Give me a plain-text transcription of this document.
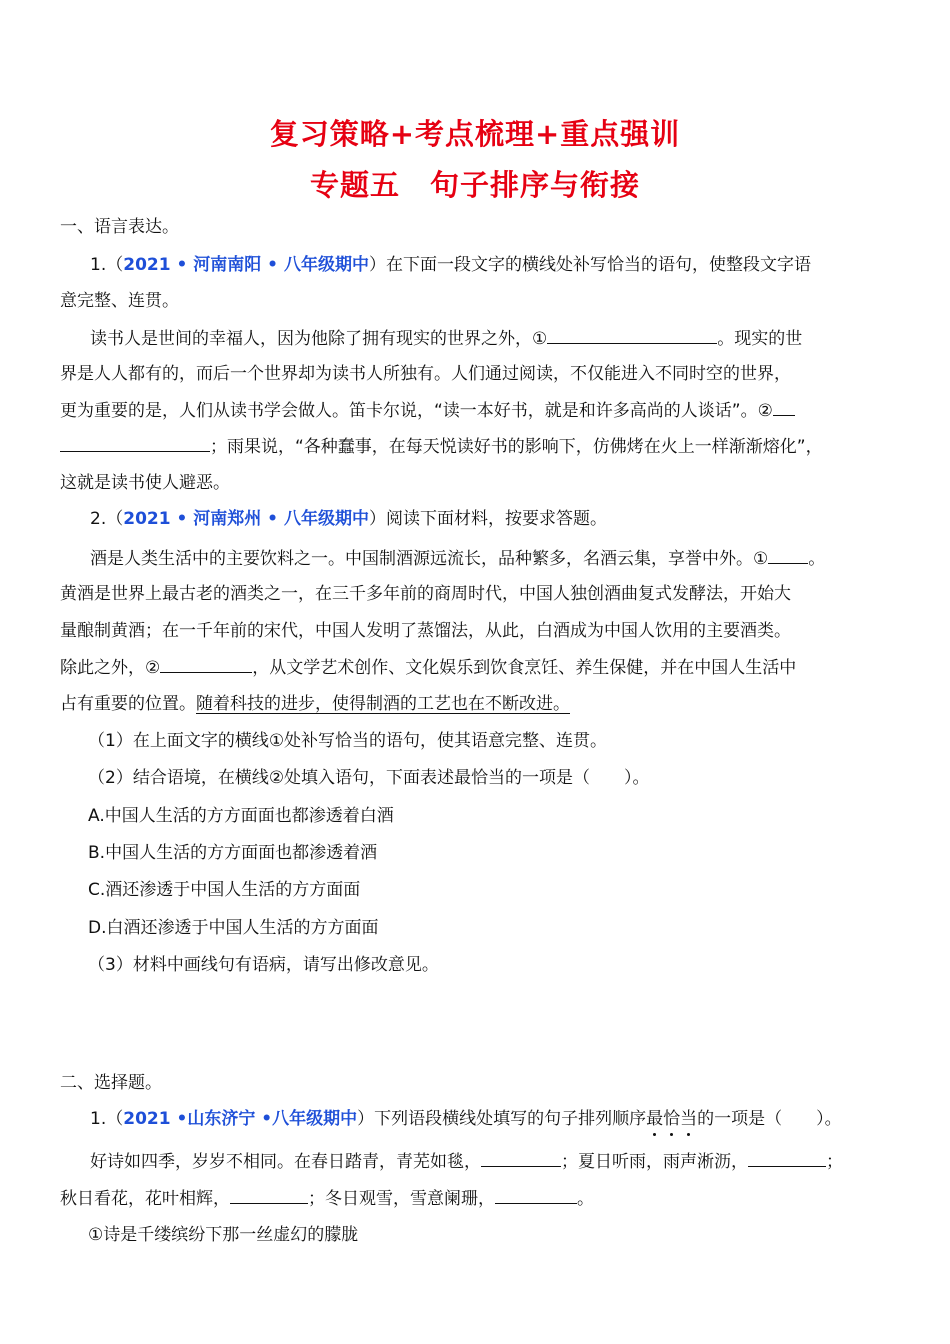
复习策略+考点梳理+重点强训
专题五　句子排序与衔接
一、语言表达。
1.（2021 • 河南南阳 • 八年级期中）在下面一段文字的横线处补写恰当的语句，使整段文字语
意完整、连贯。
读书人是世间的幸福人，因为他除了拥有现实的世界之外，①	。现实的世
界是人人都有的，而后一个世界却为读书人所独有。人们通过阅读，不仅能进入不同时空的世界，
更为重要的是，人们从读书学会做人。笛卡尔说，“读一本好书，就是和许多高尚的人谈话”。②
；雨果说，“各种蠢事，在每天悦读好书的影响下，仿佛烤在火上一样渐渐熔化”，
这就是读书使人避恶。
2.（2021 • 河南郑州 • 八年级期中）阅读下面材料，按要求答题。
酒是人类生活中的主要饮料之一。中国制酒源远流长，品种繁多，名酒云集，享誉中外。① 。
黄酒是世界上最古老的酒类之一，在三千多年前的商周时代，中国人独创酒曲复式发酵法，开始大
量酿制黄酒；在一千年前的宋代，中国人发明了蒸馏法，从此，白酒成为中国人饮用的主要酒类。
除此之外，②	，从文学艺术创作、文化娱乐到饮食烹饪、养生保健，并在中国人生活中
占有重要的位置。随着科技的进步，使得制酒的工艺也在不断改进。
（1）在上面文字的横线①处补写恰当的语句，使其语意完整、连贯。
（2）结合语境，在横线②处填入语句，下面表述最恰当的一项是（　　）。
A.中国人生活的方方面面也都渗透着白酒
B.中国人生活的方方面面也都渗透着酒
C.酒还渗透于中国人生活的方方面面
D.白酒还渗透于中国人生活的方方面面
（3）材料中画线句有语病，请写出修改意见。
二、选择题。
1.（2021 •山东济宁 •八年级期中）下列语段横线处填写的句子排列顺序最恰当的一项是（　　）。
好诗如四季，岁岁不相同。在春日踏青，青芜如毯，	；夏日听雨，雨声淅沥，	；
秋日看花，花叶相辉，	；冬日观雪，雪意阑珊，	。
①诗是千缕缤纷下那一丝虚幻的朦胧
